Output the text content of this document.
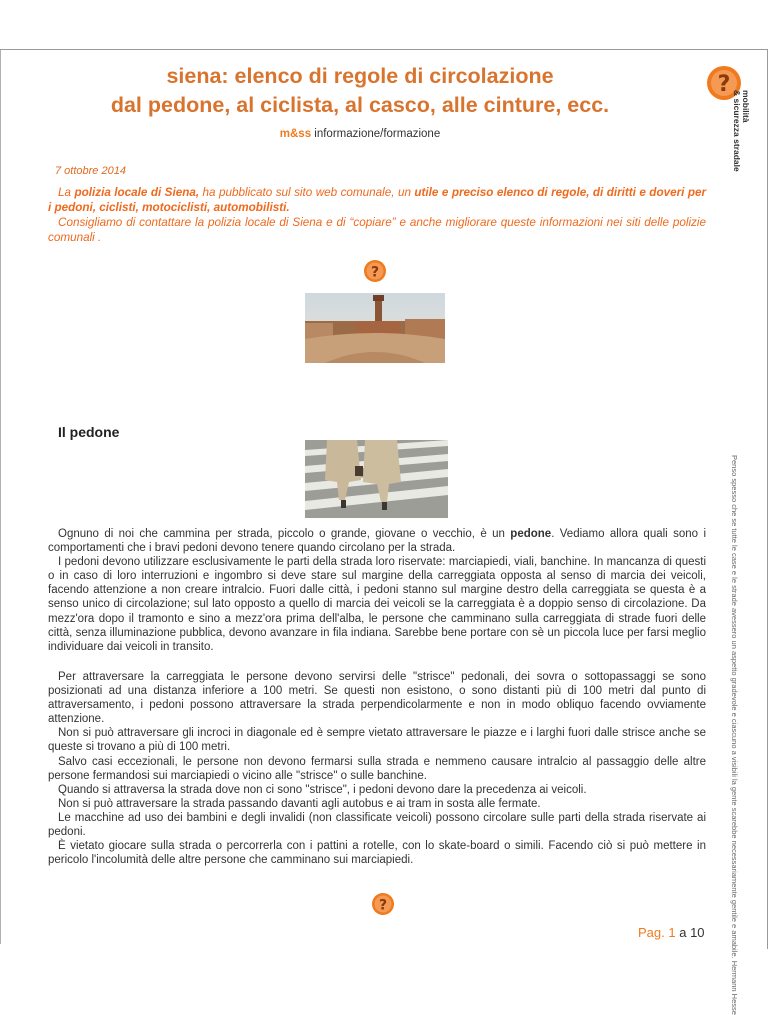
siena: elenco di regole di circolazione
dal pedone, al ciclista, al casco, alle cinture, ecc.
m&ss informazione/formazione
?
mobilità
& sicurezza stradale
Penso spesso che se tutte le case e le strade avessero un aspetto gradevole e ciascuno a visibili la gente scarebbe necessariamente gentile e amabile. Hermann Hesse
7 ottobre 2014

La polizia locale di Siena, ha pubblicato sul sito web comunale, un utile e preciso elenco di regole, di diritti e doveri per i pedoni, ciclisti, motociclisti, automobilisti.

Consigliamo di contattare la polizia locale di Siena e di “copiare” e anche migliorare queste informazioni nei siti delle polizie comunali .

?
Il pedone

Ognuno di noi che cammina per strada, piccolo o grande, giovane o vecchio, è un pedone. Vediamo allora quali sono i comportamenti che i bravi pedoni devono tenere quando circolano per la strada.

I pedoni devono utilizzare esclusivamente le parti della strada loro riservate: marciapiedi, viali, banchine. In mancanza di questi o in caso di loro interruzioni e ingombro si deve stare sul margine della carreggiata opposta al senso di marcia dei veicoli, facendo attenzione a non creare intralcio. Fuori dalle città, i pedoni stanno sul margine destro della carreggiata se questa è a senso unico di circolazione; sul lato opposto a quello di marcia dei veicoli se la carreggiata è a doppio senso di circolazione. Da mezz'ora dopo il tramonto e sino a mezz'ora prima dell'alba, le persone che camminano sulla carreggiata di strade fuori delle città, senza illuminazione pubblica, devono avanzare in fila indiana. Sarebbe bene portare con sè un piccola luce per farsi meglio individuare dai veicoli in transito.

Per attraversare la carreggiata le persone devono servirsi delle "strisce" pedonali, dei sovra o sottopassaggi se sono posizionati ad una distanza inferiore a 100 metri. Se questi non esistono, o sono distanti più di 100 metri dal punto di attraversamento, i pedoni possono attraversare la strada perpendicolarmente e non in modo obliquo facendo ovviamente attenzione.

Non si può attraversare gli incroci in diagonale ed è sempre vietato attraversare le piazze e i larghi fuori dalle strisce anche se queste si trovano a più di 100 metri.

Salvo casi eccezionali, le persone non devono fermarsi sulla strada e nemmeno causare intralcio al passaggio delle altre persone fermandosi sui marciapiedi o vicino alle "strisce" o sulle banchine.

Quando si attraversa la strada dove non ci sono "strisce", i pedoni devono dare la precedenza ai veicoli.

Non si può attraversare la strada passando davanti agli autobus e ai tram in sosta alle fermate.

Le macchine ad uso dei bambini e degli invalidi (non classificate veicoli) possono circolare sulle parti della strada riservate ai pedoni.

È vietato giocare sulla strada o percorrerla con i pattini a rotelle, con lo skate-board o simili. Facendo ciò si può mettere in pericolo l'incolumità delle altre persone che camminano sui marciapiedi.

?
Pag. 1 a 10
